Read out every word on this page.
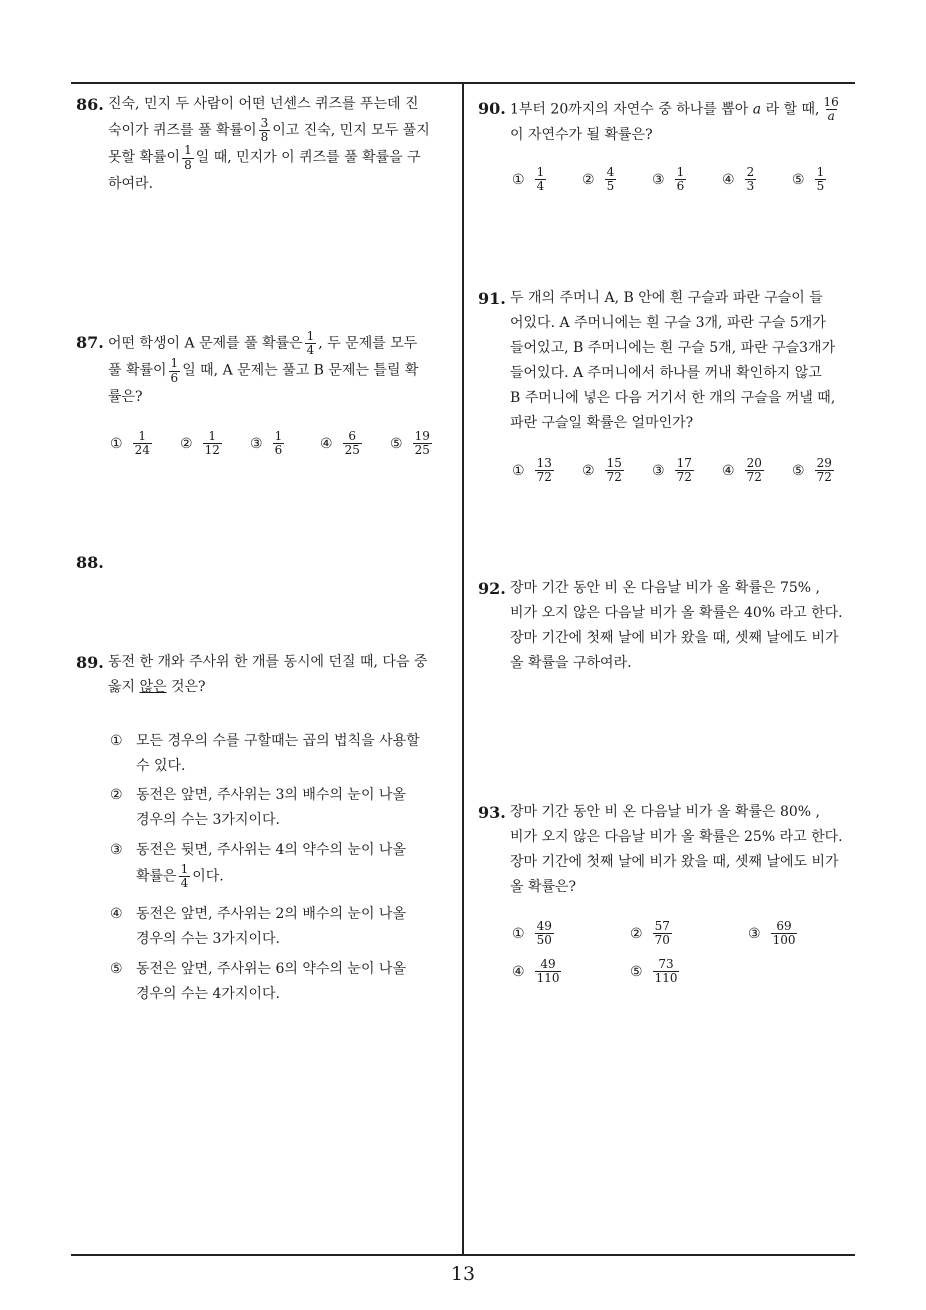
86. 진숙, 민지 두 사람이 어떤 넌센스 퀴즈를 푸는데 진
숙이가 퀴즈를 풀 확률이 $\frac{3}{8}$ 이고 진숙, 민지 모두 풀지
못할 확률이 $\frac{1}{8}$ 일 때, 민지가 이 퀴즈를 풀 확률을 구
하여라.
87. 어떤 학생이 A 문제를 풀 확률은 $\frac{1}{4}$ , 두 문제를 모두
풀 확률이 $\frac{1}{6}$ 일 때, A 문제는 풀고 B 문제는 틀릴 확
률은?
① $\frac{1}{24}$ ② $\frac{1}{12}$ ③ $\frac{1}{6}$	④ $\frac{6}{25}$ ⑤ $\frac{19}{25}$
88.
89. 동전 한 개와 주사위 한 개를 동시에 던질 때, 다음 중
옳지 않은 것은?
① 모든 경우의 수를 구할때는 곱의 법칙을 사용할
수 있다.
② 동전은 앞면, 주사위는 3의 배수의 눈이 나올
경우의 수는 3가지이다.
③ 동전은 뒷면, 주사위는 4의 약수의 눈이 나올
확률은 $\frac{1}{4}$ 이다.
④ 동전은 앞면, 주사위는 2의 배수의 눈이 나올
경우의 수는 3가지이다.
⑤ 동전은 앞면, 주사위는 6의 약수의 눈이 나올
경우의 수는 4가지이다.
90. 1부터 20까지의 자연수 중 하나를 뽑아 a 라 할 때, $\frac{16}{a}$
이 자연수가 될 확률은?
① $\frac{1}{4}$	② $\frac{4}{5}$	③ $\frac{1}{6}$	④ $\frac{2}{3}$	⑤ $\frac{1}{5}$
91. 두 개의 주머니 A, B 안에 흰 구슬과 파란 구슬이 들
어있다. A 주머니에는 흰 구슬 3개, 파란 구슬 5개가
들어있고, B 주머니에는 흰 구슬 5개, 파란 구슬3개가
들어있다. A 주머니에서 하나를 꺼내 확인하지 않고
B 주머니에 넣은 다음 거기서 한 개의 구슬을 꺼낼 때,
파란 구슬일 확률은 얼마인가?
① $\frac{13}{72}$ ② $\frac{15}{72}$ ③ $\frac{17}{72}$ ④ $\frac{20}{72}$ ⑤ $\frac{29}{72}$
92. 장마 기간 동안 비 온 다음날 비가 올 확률은 75% ,
비가 오지 않은 다음날 비가 올 확률은 40% 라고 한다.
장마 기간에 첫째 날에 비가 왔을 때, 셋째 날에도 비가
올 확률을 구하여라.
93. 장마 기간 동안 비 온 다음날 비가 올 확률은 80% ,
비가 오지 않은 다음날 비가 올 확률은 25% 라고 한다.
장마 기간에 첫째 날에 비가 왔을 때, 셋째 날에도 비가
올 확률은?
① $\frac{49}{50}$	② $\frac{57}{70}$	③ $\frac{69}{100}$
④ $\frac{49}{110}$	⑤ $\frac{73}{110}$
13
